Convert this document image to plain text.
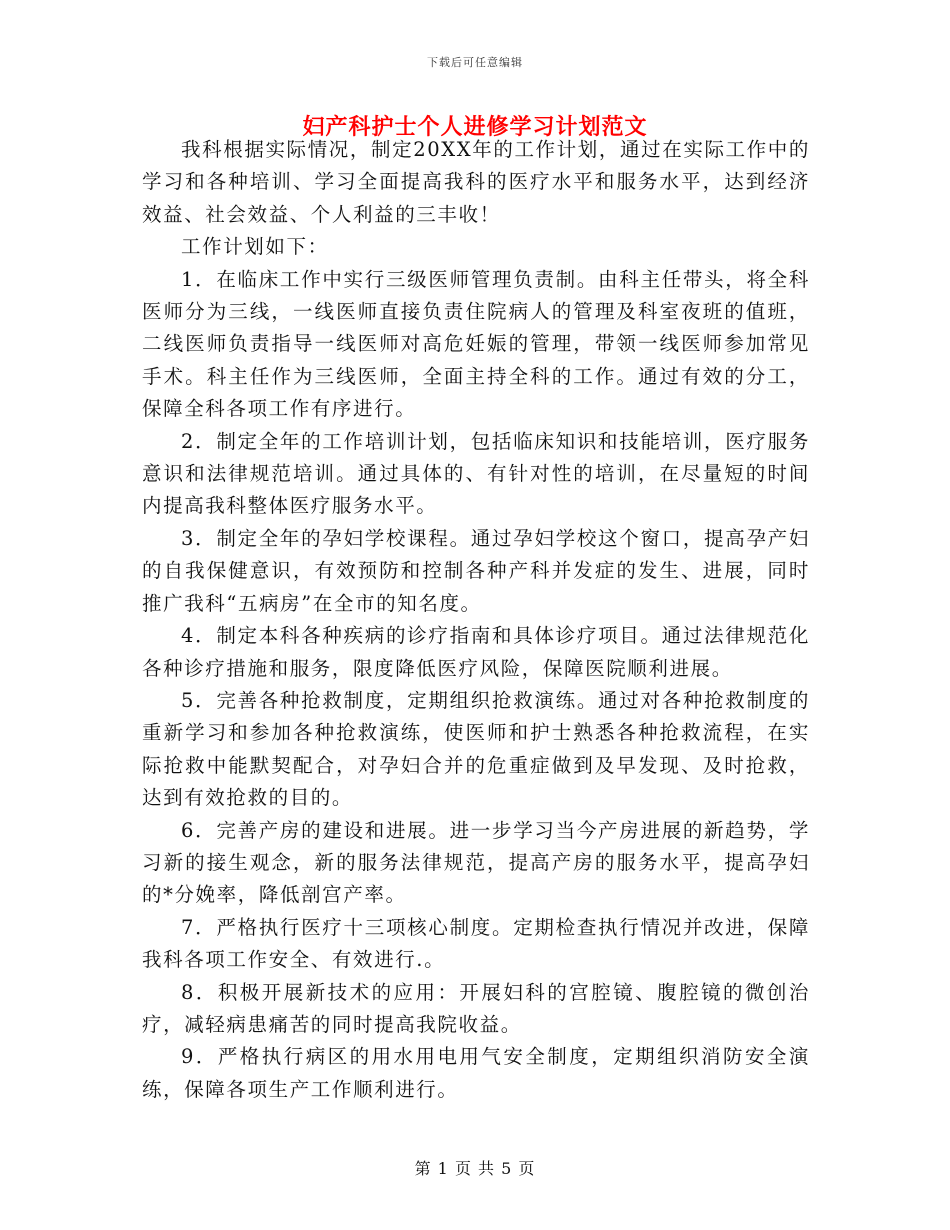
下载后可任意编辑
妇产科护士个人进修学习计划范文

我科根据实际情况，制定20XX年的工作计划，通过在实际工作中的学习和各种培训、学习全面提高我科的医疗水平和服务水平，达到经济效益、社会效益、个人利益的三丰收！

工作计划如下：

1．在临床工作中实行三级医师管理负责制。由科主任带头，将全科医师分为三线，一线医师直接负责住院病人的管理及科室夜班的值班，二线医师负责指导一线医师对高危妊娠的管理，带领一线医师参加常见手术。科主任作为三线医师，全面主持全科的工作。通过有效的分工，保障全科各项工作有序进行。

2．制定全年的工作培训计划，包括临床知识和技能培训，医疗服务意识和法律规范培训。通过具体的、有针对性的培训，在尽量短的时间内提高我科整体医疗服务水平。

3．制定全年的孕妇学校课程。通过孕妇学校这个窗口，提高孕产妇的自我保健意识，有效预防和控制各种产科并发症的发生、进展，同时推广我科“五病房”在全市的知名度。

4．制定本科各种疾病的诊疗指南和具体诊疗项目。通过法律规范化各种诊疗措施和服务，限度降低医疗风险，保障医院顺利进展。

5．完善各种抢救制度，定期组织抢救演练。通过对各种抢救制度的重新学习和参加各种抢救演练，使医师和护士熟悉各种抢救流程，在实际抢救中能默契配合，对孕妇合并的危重症做到及早发现、及时抢救，达到有效抢救的目的。

6．完善产房的建设和进展。进一步学习当今产房进展的新趋势，学习新的接生观念，新的服务法律规范，提高产房的服务水平，提高孕妇的*分娩率，降低剖宫产率。

7．严格执行医疗十三项核心制度。定期检查执行情况并改进，保障我科各项工作安全、有效进行.。

8．积极开展新技术的应用：开展妇科的宫腔镜、腹腔镜的微创治疗，减轻病患痛苦的同时提高我院收益。

9．严格执行病区的用水用电用气安全制度，定期组织消防安全演练，保障各项生产工作顺利进行。

第 1 页 共 5 页
